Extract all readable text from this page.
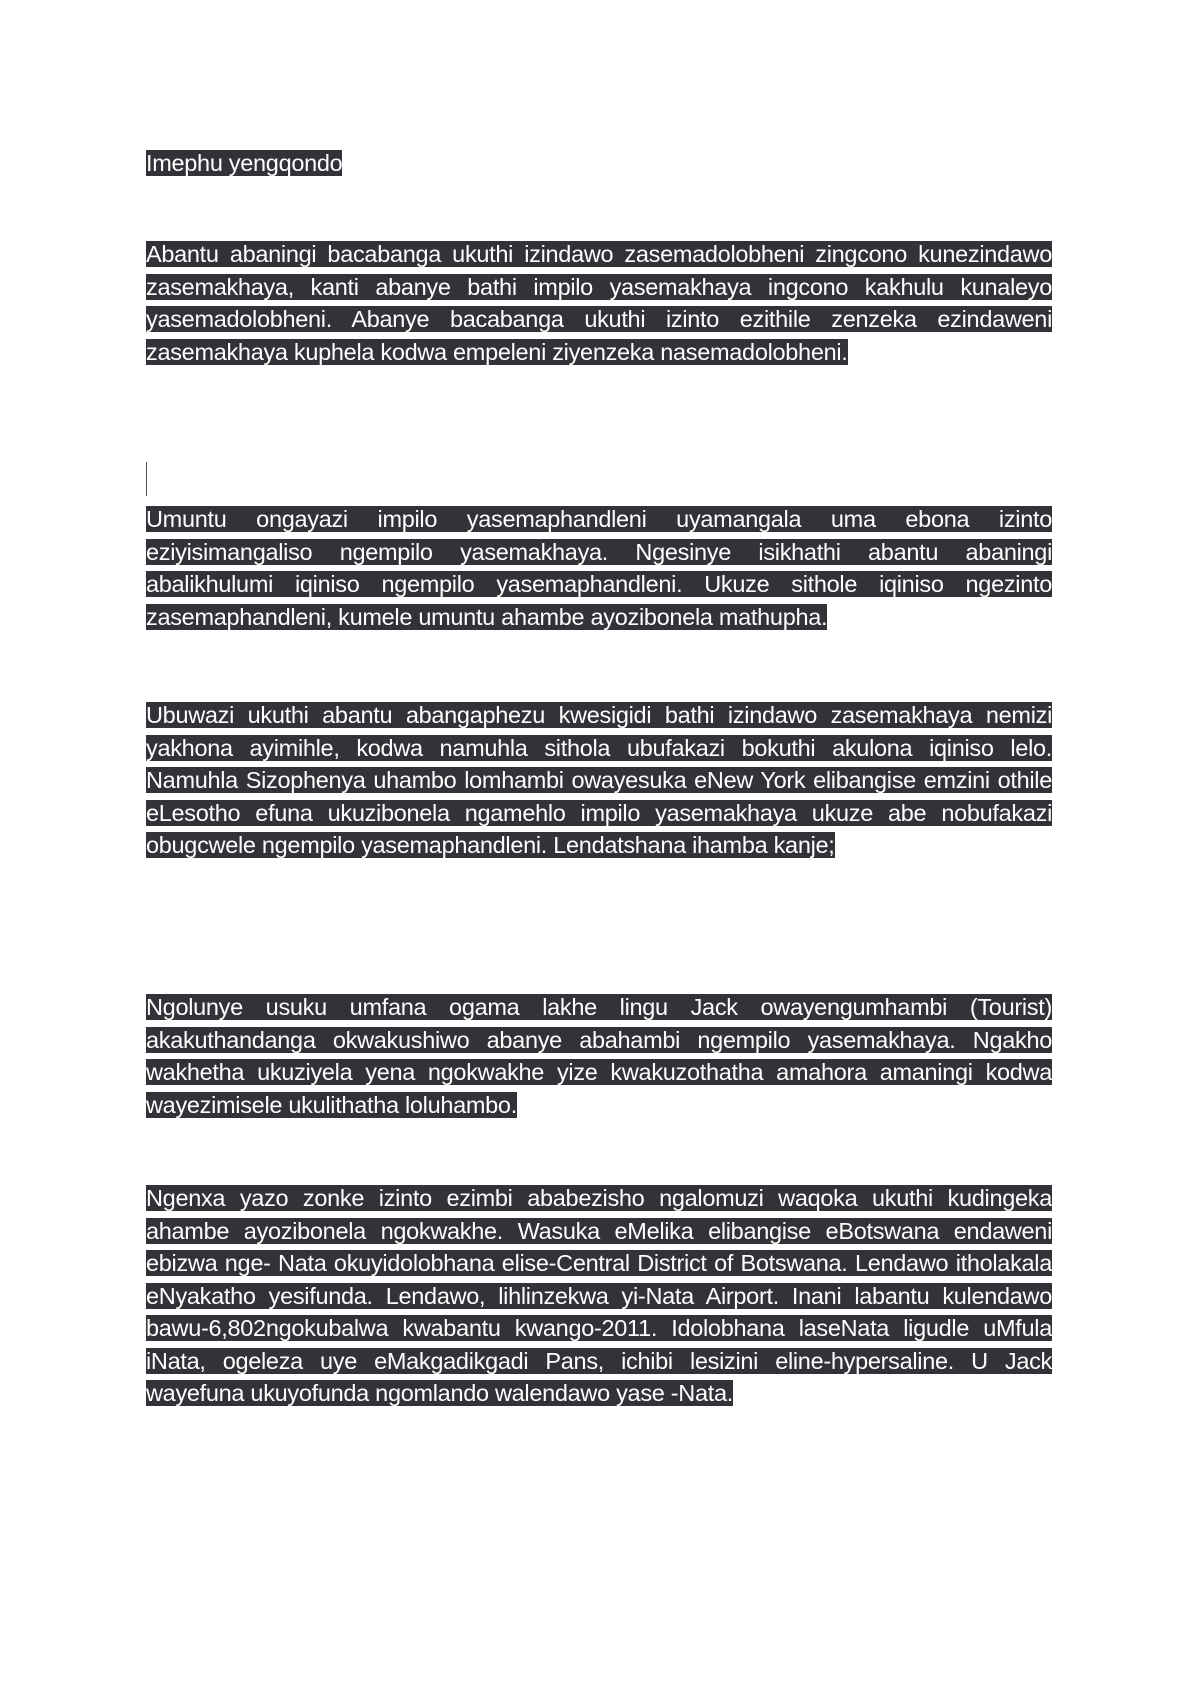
Imephu yengqondo

Abantu abaningi bacabanga ukuthi izindawo zasemadolobheni zingcono kunezindawo zasemakhaya, kanti abanye bathi impilo yasemakhaya ingcono kakhulu kunaleyo yasemadolobheni. Abanye bacabanga ukuthi izinto ezithile zenzeka ezindaweni zasemakhaya kuphela kodwa empeleni ziyenzeka nasemadolobheni.

Umuntu ongayazi impilo yasemaphandleni uyamangala uma ebona izinto eziyisimangaliso ngempilo yasemakhaya. Ngesinye isikhathi abantu abaningi abalikhulumi iqiniso ngempilo yasemaphandleni. Ukuze sithole iqiniso ngezinto zasemaphandleni, kumele umuntu ahambe ayozibonela mathupha.

Ubuwazi ukuthi abantu abangaphezu kwesigidi bathi izindawo zasemakhaya nemizi yakhona ayimihle, kodwa namuhla sithola ubufakazi bokuthi akulona iqiniso lelo. Namuhla Sizophenya uhambo lomhambi owayesuka eNew York elibangise emzini othile eLesotho efuna ukuzibonela ngamehlo impilo yasemakhaya ukuze abe nobufakazi obugcwele ngempilo yasemaphandleni. Lendatshana ihamba kanje;

Ngolunye usuku umfana ogama lakhe lingu Jack owayengumhambi (Tourist) akakuthandanga okwakushiwo abanye abahambi ngempilo yasemakhaya. Ngakho wakhetha ukuziyela yena ngokwakhe yize kwakuzothatha amahora amaningi kodwa wayezimisele ukulithatha loluhambo.

Ngenxa yazo zonke izinto ezimbi ababezisho ngalomuzi waqoka ukuthi kudingeka ahambe ayozibonela ngokwakhe. Wasuka eMelika elibangise eBotswana endaweni ebizwa nge- Nata okuyidolobhana elise-Central District of Botswana. Lendawo itholakala eNyakatho yesifunda. Lendawo, lihlinzekwa yi-Nata Airport. Inani labantu kulendawo bawu-6,802ngokubalwa kwabantu kwango-2011. Idolobhana laseNata ligudle uMfula iNata, ogeleza uye eMakgadikgadi Pans, ichibi lesizini eline-hypersaline. U Jack wayefuna ukuyofunda ngomlando walendawo yase -Nata.
